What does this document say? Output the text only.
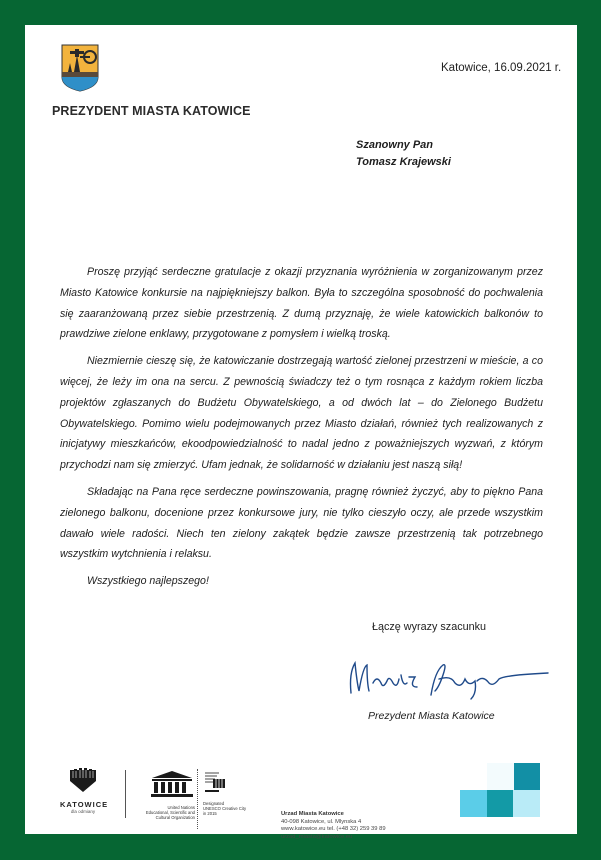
PREZYDENT MIASTA KATOWICE
Katowice, 16.09.2021 r.
Szanowny Pan
Tomasz Krajewski

Proszę przyjąć serdeczne gratulacje z okazji przyznania wyróżnienia w zorganizowanym przez Miasto Katowice konkursie na najpiękniejszy balkon. Była to szczególna sposobność do pochwalenia się zaaranżowaną przez siebie przestrzenią. Z dumą przyznaję, że wiele katowickich balkonów to prawdziwe zielone enklawy, przygotowane z pomysłem i wielką troską.

Niezmiernie cieszę się, że katowiczanie dostrzegają wartość zielonej przestrzeni w mieście, a co więcej, że leży im ona na sercu. Z pewnością świadczy też o tym rosnąca z każdym rokiem liczba projektów zgłaszanych do Budżetu Obywatelskiego, a od dwóch lat – do Zielonego Budżetu Obywatelskiego. Pomimo wielu podejmowanych przez Miasto działań, również tych realizowanych z inicjatywy mieszkańców, ekoodpowiedzialność to nadal jedno z poważniejszych wyzwań, z którym przychodzi nam się zmierzyć. Ufam jednak, że solidarność w działaniu jest naszą siłą!

Składając na Pana ręce serdeczne powinszowania, pragnę również życzyć, aby to piękno Pana zielonego balkonu, docenione przez konkursowe jury, nie tylko cieszyło oczy, ale przede wszystkim dawało wiele radości. Niech ten zielony zakątek będzie zawsze przestrzenią tak potrzebnego wszystkim wytchnienia i relaksu.

Wszystkiego najlepszego!

Łączę wyrazy szacunku
Prezydent Miasta Katowice
KATOWICE
dla odmiany
United Nations
Educational, Scientific and
Cultural Organization
Designated
UNESCO Creative City
in 2015	Urzad Miasta Katowice
40-098 Katowice, ul. Mlynska 4
www.katowice.eu tel. (+48 32) 259 39 89
urzad_miasta@katowice.eu
